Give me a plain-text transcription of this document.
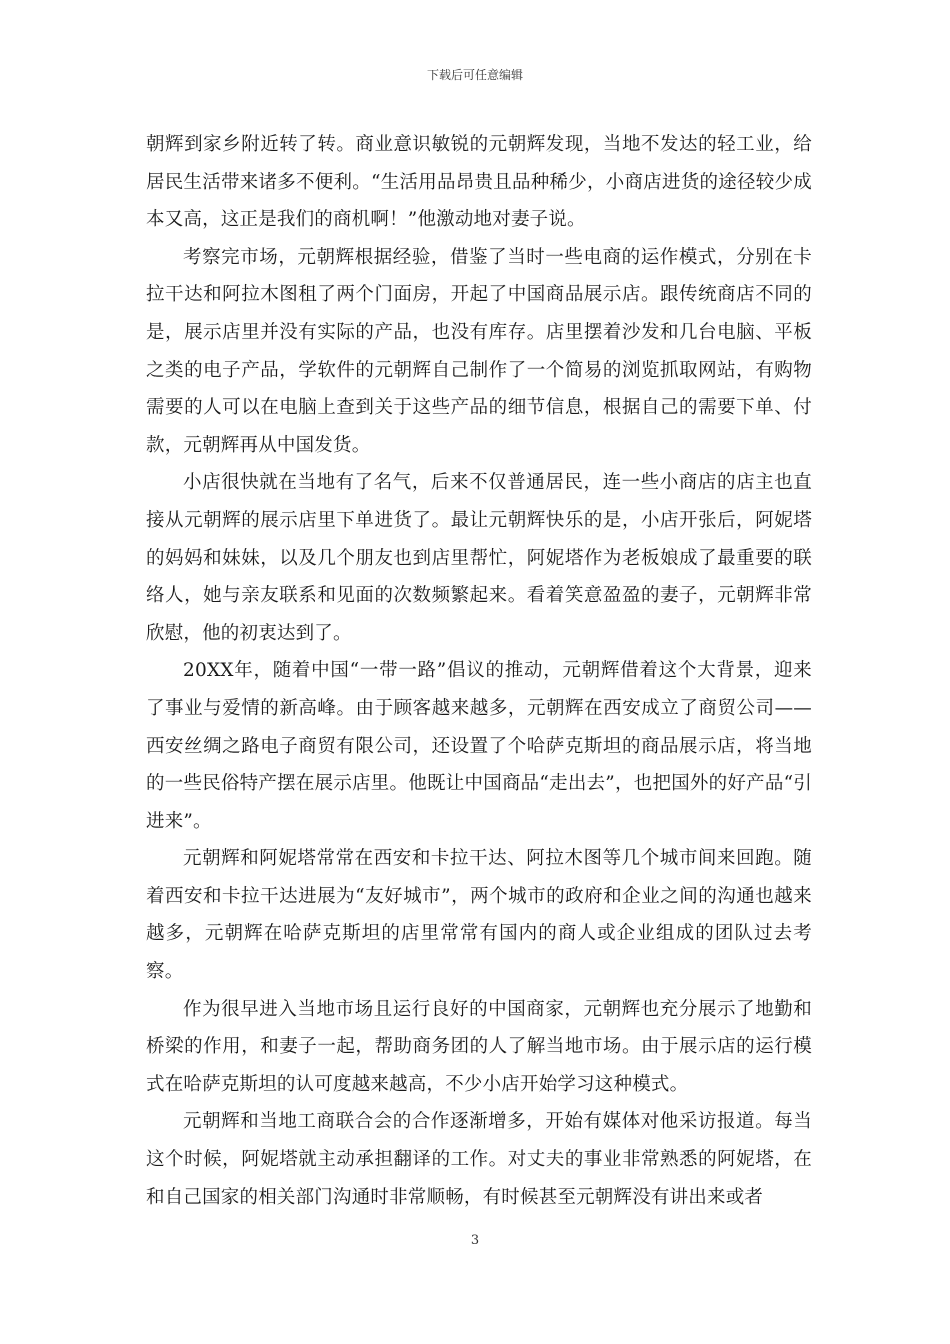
下载后可任意编辑

朝辉到家乡附近转了转。商业意识敏锐的元朝辉发现，当地不发达的轻工业，给居民生活带来诸多不便利。“生活用品昂贵且品种稀少，小商店进货的途径较少成本又高，这正是我们的商机啊！”他激动地对妻子说。

考察完市场，元朝辉根据经验，借鉴了当时一些电商的运作模式，分别在卡拉干达和阿拉木图租了两个门面房，开起了中国商品展示店。跟传统商店不同的是，展示店里并没有实际的产品，也没有库存。店里摆着沙发和几台电脑、平板之类的电子产品，学软件的元朝辉自己制作了一个简易的浏览抓取网站，有购物需要的人可以在电脑上查到关于这些产品的细节信息，根据自己的需要下单、付款，元朝辉再从中国发货。

小店很快就在当地有了名气，后来不仅普通居民，连一些小商店的店主也直接从元朝辉的展示店里下单进货了。最让元朝辉快乐的是，小店开张后，阿妮塔的妈妈和妹妹，以及几个朋友也到店里帮忙，阿妮塔作为老板娘成了最重要的联络人，她与亲友联系和见面的次数频繁起来。看着笑意盈盈的妻子，元朝辉非常欣慰，他的初衷达到了。

20XX年，随着中国“一带一路”倡议的推动，元朝辉借着这个大背景，迎来了事业与爱情的新高峰。由于顾客越来越多，元朝辉在西安成立了商贸公司——西安丝绸之路电子商贸有限公司，还设置了个哈萨克斯坦的商品展示店，将当地的一些民俗特产摆在展示店里。他既让中国商品“走出去”，也把国外的好产品“引进来”。

元朝辉和阿妮塔常常在西安和卡拉干达、阿拉木图等几个城市间来回跑。随着西安和卡拉干达进展为“友好城市”，两个城市的政府和企业之间的沟通也越来越多，元朝辉在哈萨克斯坦的店里常常有国内的商人或企业组成的团队过去考察。

作为很早进入当地市场且运行良好的中国商家，元朝辉也充分展示了地勤和桥梁的作用，和妻子一起，帮助商务团的人了解当地市场。由于展示店的运行模式在哈萨克斯坦的认可度越来越高，不少小店开始学习这种模式。

元朝辉和当地工商联合会的合作逐渐增多，开始有媒体对他采访报道。每当这个时候，阿妮塔就主动承担翻译的工作。对丈夫的事业非常熟悉的阿妮塔，在和自己国家的相关部门沟通时非常顺畅，有时候甚至元朝辉没有讲出来或者

3
